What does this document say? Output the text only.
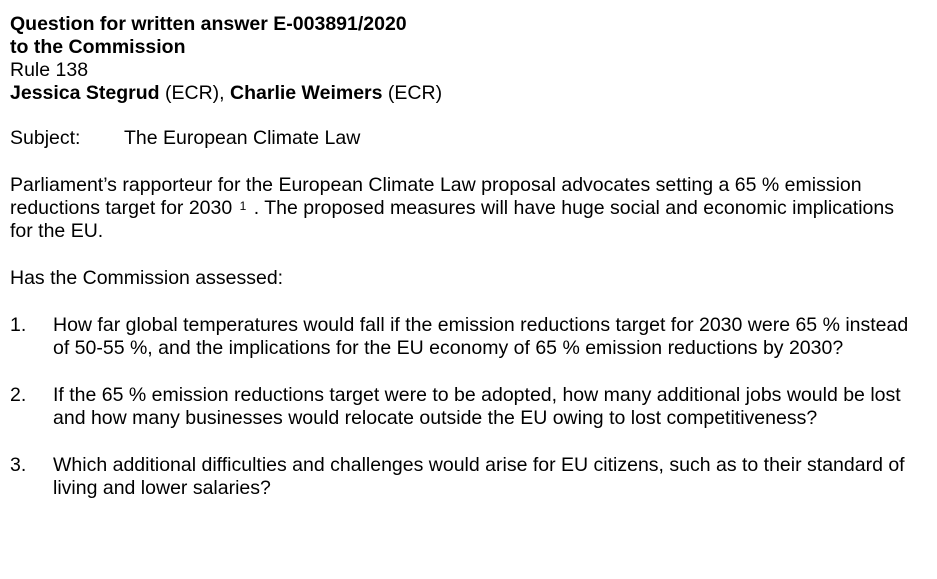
Question for written answer E-003891/2020
to the Commission
Rule 138
Jessica Stegrud (ECR), Charlie Weimers (ECR)
Subject:	The European Climate Law
Parliament’s rapporteur for the European Climate Law proposal advocates setting a 65 % emission reductions target for 2030 $^1$ . The proposed measures will have huge social and economic implications for the EU.
Has the Commission assessed:
1.	How far global temperatures would fall if the emission reductions target for 2030 were 65 % instead of 50-55 %, and the implications for the EU economy of 65 % emission reductions by 2030?
2.	If the 65 % emission reductions target were to be adopted, how many additional jobs would be lost and how many businesses would relocate outside the EU owing to lost competitiveness?
3.	Which additional difficulties and challenges would arise for EU citizens, such as to their standard of living and lower salaries?
